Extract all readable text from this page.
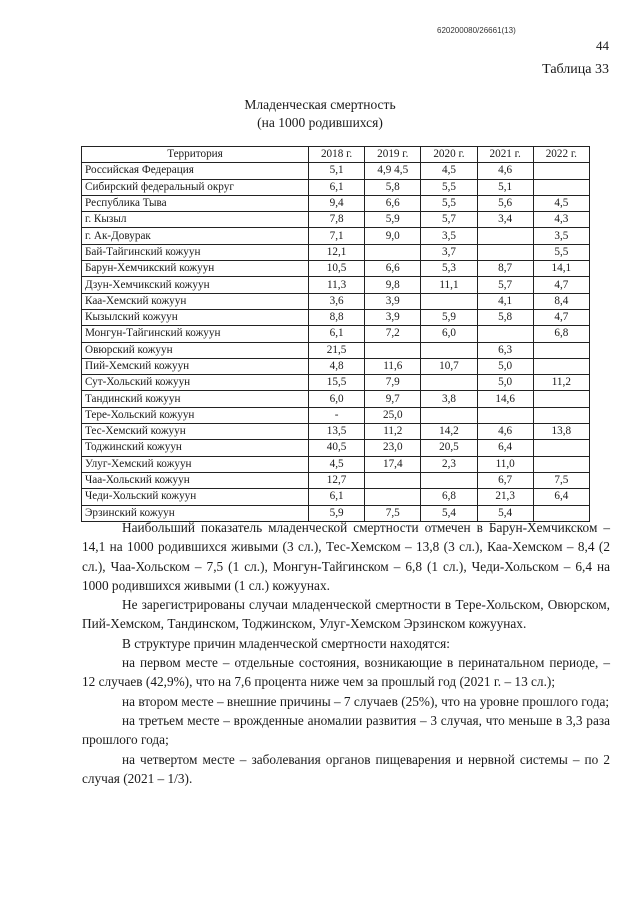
620200080/26661(13)
44
Таблица 33
Младенческая смертность
(на 1000 родившихся)
Территория	2018 г.	2019 г.	2020 г.	2021 г.	2022 г.
Российская Федерация	5,1	4,9 4,5	4,5	4,6	
Сибирский федеральный округ	6,1	5,8	5,5	5,1	
Республика Тыва	9,4	6,6	5,5	5,6	4,5
г. Кызыл	7,8	5,9	5,7	3,4	4,3
г. Ак-Довурак	7,1	9,0	3,5		3,5
Бай-Тайгинский кожуун	12,1		3,7		5,5
Барун-Хемчикский кожуун	10,5	6,6	5,3	8,7	14,1
Дзун-Хемчикский кожуун	11,3	9,8	11,1	5,7	4,7
Каа-Хемский кожуун	3,6	3,9		4,1	8,4
Кызылский кожуун	8,8	3,9	5,9	5,8	4,7
Монгун-Тайгинский кожуун	6,1	7,2	6,0		6,8
Овюрский кожуун	21,5			6,3	
Пий-Хемский кожуун	4,8	11,6	10,7	5,0	
Сут-Хольский кожуун	15,5	7,9		5,0	11,2
Тандинский кожуун	6,0	9,7	3,8	14,6	
Тере-Хольский кожуун	-	25,0			
Тес-Хемский кожуун	13,5	11,2	14,2	4,6	13,8
Тоджинский кожуун	40,5	23,0	20,5	6,4	
Улуг-Хемский кожуун	4,5	17,4	2,3	11,0	
Чаа-Хольский кожуун	12,7			6,7	7,5
Чеди-Хольский кожуун	6,1		6,8	21,3	6,4
Эрзинский кожуун	5,9	7,5	5,4	5,4	

Наибольший показатель младенческой смертности отмечен в Барун-Хемчикском – 14,1 на 1000 родившихся живыми (3 сл.), Тес-Хемском – 13,8 (3 сл.), Каа-Хемском – 8,4 (2 сл.), Чаа-Хольском – 7,5 (1 сл.), Монгун-Тайгинском – 6,8 (1 сл.), Чеди-Хольском – 6,4 на 1000 родившихся живыми (1 сл.) кожуунах.

Не зарегистрированы случаи младенческой смертности в Тере-Хольском, Овюрском, Пий-Хемском, Тандинском, Тоджинском, Улуг-Хемском Эрзинском кожуунах.

В структуре причин младенческой смертности находятся:

на первом месте – отдельные состояния, возникающие в перинатальном периоде, – 12 случаев (42,9%), что на 7,6 процента ниже чем за прошлый год (2021 г. – 13 сл.);

на втором месте – внешние причины – 7 случаев (25%), что на уровне прошлого года;

на третьем месте – врожденные аномалии развития – 3 случая, что меньше в 3,3 раза прошлого года;

на четвертом месте – заболевания органов пищеварения и нервной системы – по 2 случая (2021 – 1/3).
